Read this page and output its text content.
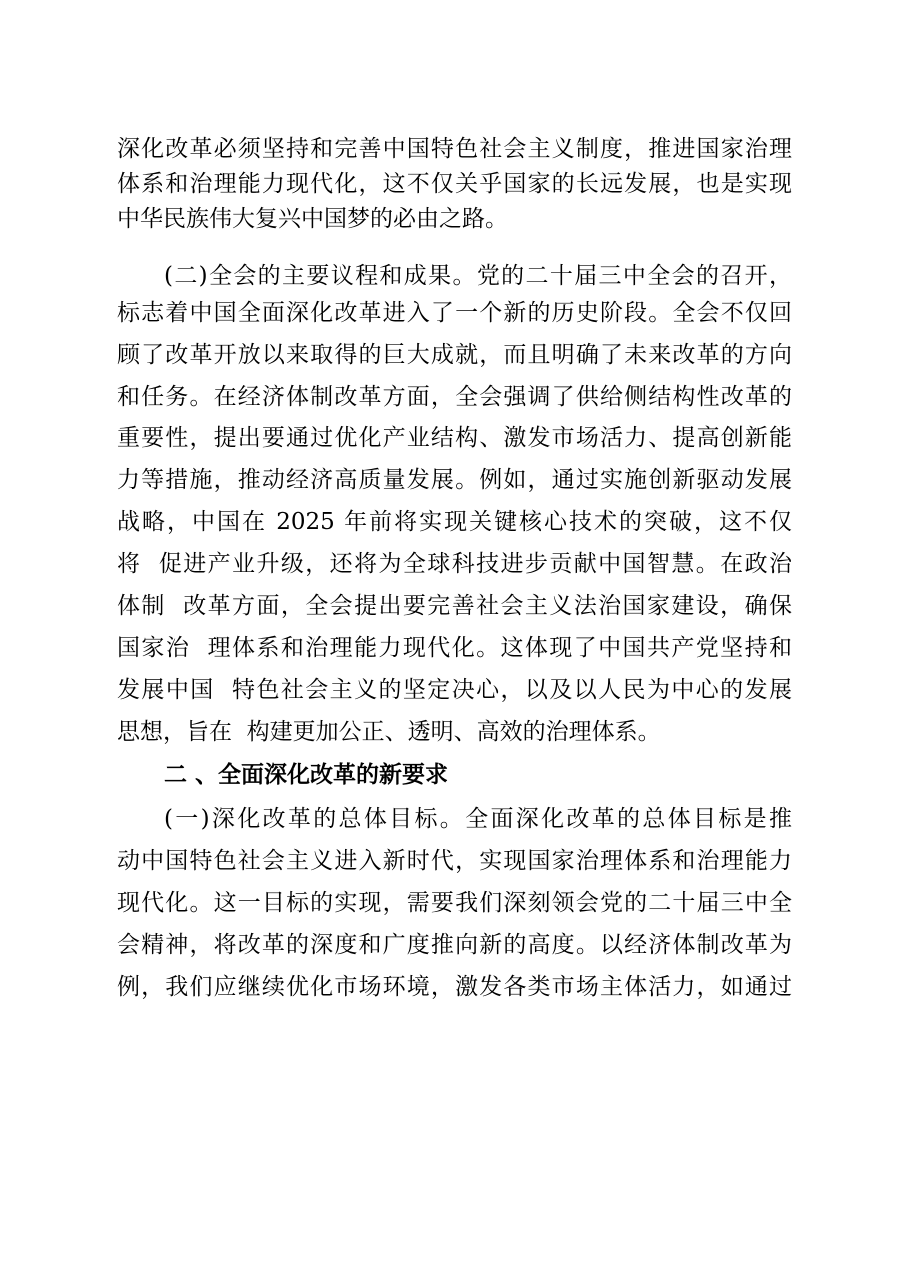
深化改革必须坚持和完善中国特色社会主义制度，推进国家治理
体系和治理能力现代化，这不仅关乎国家的长远发展，也是实现
中华民族伟大复兴中国梦的必由之路。
(二)全会的主要议程和成果。党的二十届三中全会的召开，
标志着中国全面深化改革进入了一个新的历史阶段。全会不仅回
顾了改革开放以来取得的巨大成就，而且明确了未来改革的方向
和任务。在经济体制改革方面，全会强调了供给侧结构性改革的
重要性，提出要通过优化产业结构、激发市场活力、提高创新能
力等措施，推动经济高质量发展。例如，通过实施创新驱动发展
战略，中国在 2025 年前将实现关键核心技术的突破，这不仅
将  促进产业升级，还将为全球科技进步贡献中国智慧。在政治
体制  改革方面，全会提出要完善社会主义法治国家建设，确保
国家治  理体系和治理能力现代化。这体现了中国共产党坚持和
发展中国  特色社会主义的坚定决心，以及以人民为中心的发展
思想，旨在  构建更加公正、透明、高效的治理体系。
二 、全面深化改革的新要求
(一)深化改革的总体目标。全面深化改革的总体目标是推
动中国特色社会主义进入新时代，实现国家治理体系和治理能力
现代化。这一目标的实现，需要我们深刻领会党的二十届三中全
会精神，将改革的深度和广度推向新的高度。以经济体制改革为
例，我们应继续优化市场环境，激发各类市场主体活力，如通过
